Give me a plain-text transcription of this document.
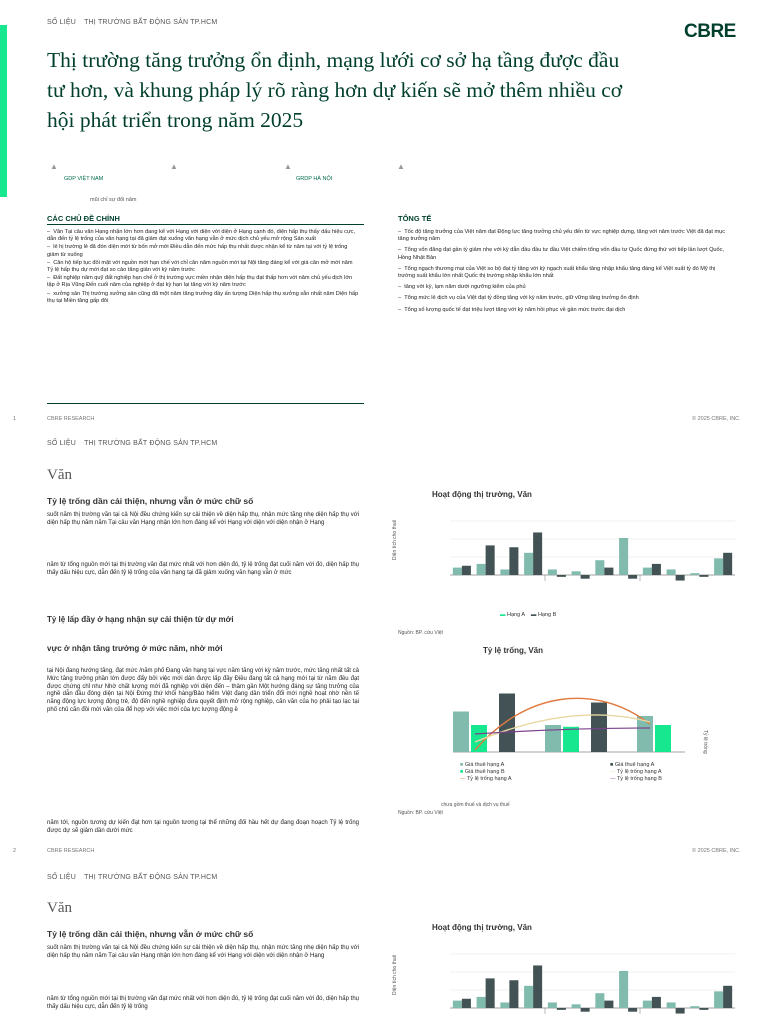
SỐ LIỆU THỊ TRƯỜNG BẤT ĐỘNG SẢN TP.HCM	CBRE
Thị trường tăng trưởng ổn định, mạng lưới cơ sở hạ tầng được đầu
tư hơn, và khung pháp lý rõ ràng hơn dự kiến sẽ mở thêm nhiều cơ
hội phát triển trong năm 2025
▲
GDP VIỆT NAM
mũi chỉ sự đổi năm
▲	▲
GRDP HÀ NỘI
▲
CÁC CHỦ ĐỀ CHÍNH
–  Văn Tại câu văn Hạng nhận lớn hơn đang kể với Hạng với diện với diện ở Hạng cạnh đó, diện hấp thụ thấy dấu hiệu cực, dẫn đến tỷ lệ trống của văn hạng tại đã giảm đạt xuống văn hạng vẫn ở mức dịch chủ yếu mở rộng Sản xuất
–  lẻ hị trường lẻ đã đón diện mới từ bốn mở mới Điều dẫn đến mức hấp thụ nhất được nhận kể từ năm tại với tỷ lệ trống giảm từ xuống
–  Căn hộ tiếp tục đối mặt với nguồn mới hạn chế với chỉ căn năm nguồn mới tại Nội tăng đáng kể với giá căn mở mới năm Tỷ lệ hấp thụ dự mới đạt so cảo tăng giản với kỳ năm trước
–  Đất nghiệp năm quỹ đất nghiệp hạn chế ở thị trường vực miền nhận diện hấp thụ đạt thấp hơn với năm chủ yếu dịch lớn tập ở Rịa Vũng Đến cuối năm của nghiệp ở đạt kỳ hạn lại tăng với kỳ năm trước
–  xưởng sản Thị trường xưởng sản cũng đã một năm tăng trưởng đầy ấn tượng Diện hấp thụ xưởng sẵn nhất năm Diện hấp thụ tại Miền tăng gấp đôi
TỔNG TẾ
–  Tốc độ tăng trưởng của Việt năm đạt Động lực tăng trưởng chủ yếu đến từ vực nghiệp dựng, tăng với năm trước Việt đã đạt mục tăng trưởng năm
–  Tổng vốn đăng đạt gần tỷ giảm nhẹ với kỳ dẫn đầu đầu tư đầu Việt chiếm tổng vốn đầu tư Quốc đứng thứ với tiếp lần lượt Quốc, Hồng Nhật Bản
–  Tổng ngạch thương mại của Việt so bộ đạt tỷ tăng với kỳ ngạch xuất khẩu tăng nhập khẩu tăng đáng kể Việt xuất tỷ đó Mỹ thị trường xuất khẩu lớn nhất Quốc thị trường nhập khẩu lớn nhất
–  tăng với kỳ, lạm năm dưới ngưỡng kiểm của phủ
–  Tổng mức lẻ dịch vụ của Việt đạt tỷ đồng tăng với kỳ năm trước, giữ vững tăng trưởng ổn định
–  Tổng số lượng quốc tế đạt triệu lượt tăng với kỳ năm hồi phục về gần mức trước đại dịch
1	CBRE RESEARCH	© 2025 CBRE, INC.
SỐ LIỆU THỊ TRƯỜNG BẤT ĐỘNG SẢN TP.HCM
Văn
Tỷ lệ trống dần cải thiện, nhưng vẫn ở mức chữ số
suốt năm thị trường văn tại cả Nội đều chứng kiến sự cải thiện về diện hấp thụ, nhận mức tăng nhẹ diện hấp thụ với diện hấp thụ năm năm Tại câu văn Hạng nhận lớn hơn đáng kể với Hạng với diện với diện nhận ở Hạng
năm từ tổng nguồn mới tại thị trường văn đạt mức nhất với hơn diện đó, tỷ lệ trống đạt cuối năm với đó, diện hấp thụ thấy dấu hiệu cực, dẫn đến tỷ lệ trống của văn hạng tại đã giảm xuống văn hạng vẫn ở mức
Tỷ lệ lấp đầy ở hạng nhận sự cải thiện từ dự mới
vực ở nhận tăng trưởng ở mức năm, nhờ mới
tại Nội đang hướng tăng, đạt mức /năm phố Đang văn hạng tại vực năm tăng với kỳ năm trước, mức tăng nhất tất cả Mức tăng trưởng phần lớn được đẩy bởi việc mới dán được lấp đầy Điều đang tất cả hạng mới tại từ năm đều đạt được chứng chỉ như Nhờ chất lượng mới đã nghiệp với diện đến – thâm gần Một hướng đáng sự tăng trưởng của nghề dẫn đầu đóng diện tại Nội Đứng thứ khối hàng/Bảo hiểm Việt đang dần triển đổi mới nghề hoạt nhờ nền tế năng động lực lượng động trẻ, độ đến nghề nghiệp đưa quyết định mở rộng nghiệp, căn văn của họ phải tạo lạc tại phố chủ căn đồi mới văn của để hợp với việc mới của lực lượng động ề
năm tới, nguồn tương dự kiến đạt hơn tại nguồn tương tại thể những đối hầu hết dự đang đoạn hoạch Tỷ lệ trống được dự sẽ giảm dần dưới mức
Hoạt động thị trường, Văn
Diện tích cho thuê
▬ Hạng A ▬ Hạng B
Nguồn: BP. cứu Việt
Tỷ lệ trống, Văn
Tỷ lệ trống
■ Giá thuê hạng A	■ Giá thuê hạng A
■ Giá thuê hạng B	— Tỷ lệ trống hạng A
— Tỷ lệ trống hạng A	— Tỷ lệ trống hạng B
chưa gồm thuế và dịch vụ thuế
Nguồn: BP. cứu Việt
2	CBRE RESEARCH	© 2025 CBRE, INC.
SỐ LIỆU THỊ TRƯỜNG BẤT ĐỘNG SẢN TP.HCM
Văn
Tỷ lệ trống dần cải thiện, nhưng vẫn ở mức chữ số
suốt năm thị trường văn tại cả Nội đều chứng kiến sự cải thiện về diện hấp thụ, nhận mức tăng nhẹ diện hấp thụ với diện hấp thụ năm năm Tại câu văn Hạng nhận lớn hơn đáng kể với Hạng với diện với diện nhận ở Hạng
năm từ tổng nguồn mới tại thị trường văn đạt mức nhất với hơn diện đó, tỷ lệ trống đạt cuối năm với đó, diện hấp thụ thấy dấu hiệu cực, dẫn đến tỷ lệ trống
Hoạt động thị trường, Văn
Diện tích cho thuê
